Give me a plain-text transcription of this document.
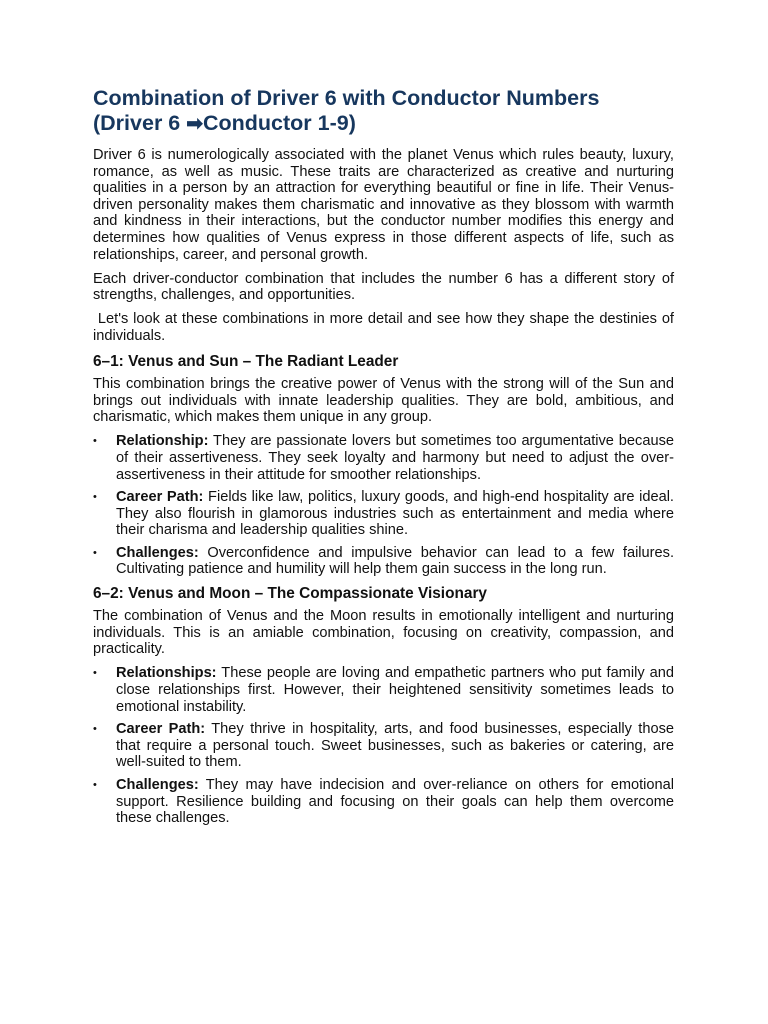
Combination of Driver 6 with Conductor Numbers
(Driver 6 ➡Conductor 1-9)

Driver 6 is numerologically associated with the planet Venus which rules beauty, luxury, romance, as well as music. These traits are characterized as creative and nurturing qualities in a person by an attraction for everything beautiful or fine in life. Their Venus-driven personality makes them charismatic and innovative as they blossom with warmth and kindness in their interactions, but the conductor number modifies this energy and determines how qualities of Venus express in those different aspects of life, such as relationships, career, and personal growth.

Each driver-conductor combination that includes the number 6 has a different story of strengths, challenges, and opportunities.

Let's look at these combinations in more detail and see how they shape the destinies of individuals.

6–1: Venus and Sun – The Radiant Leader

This combination brings the creative power of Venus with the strong will of the Sun and brings out individuals with innate leadership qualities. They are bold, ambitious, and charismatic, which makes them unique in any group.

• Relationship: They are passionate lovers but sometimes too argumentative because of their assertiveness. They seek loyalty and harmony but need to adjust the over-assertiveness in their attitude for smoother relationships.
• Career Path: Fields like law, politics, luxury goods, and high-end hospitality are ideal. They also flourish in glamorous industries such as entertainment and media where their charisma and leadership qualities shine.
• Challenges: Overconfidence and impulsive behavior can lead to a few failures. Cultivating patience and humility will help them gain success in the long run.
6–2: Venus and Moon – The Compassionate Visionary

The combination of Venus and the Moon results in emotionally intelligent and nurturing individuals. This is an amiable combination, focusing on creativity, compassion, and practicality.

• Relationships: These people are loving and empathetic partners who put family and close relationships first. However, their heightened sensitivity sometimes leads to emotional instability.
• Career Path: They thrive in hospitality, arts, and food businesses, especially those that require a personal touch. Sweet businesses, such as bakeries or catering, are well-suited to them.
• Challenges: They may have indecision and over-reliance on others for emotional support. Resilience building and focusing on their goals can help them overcome these challenges.
